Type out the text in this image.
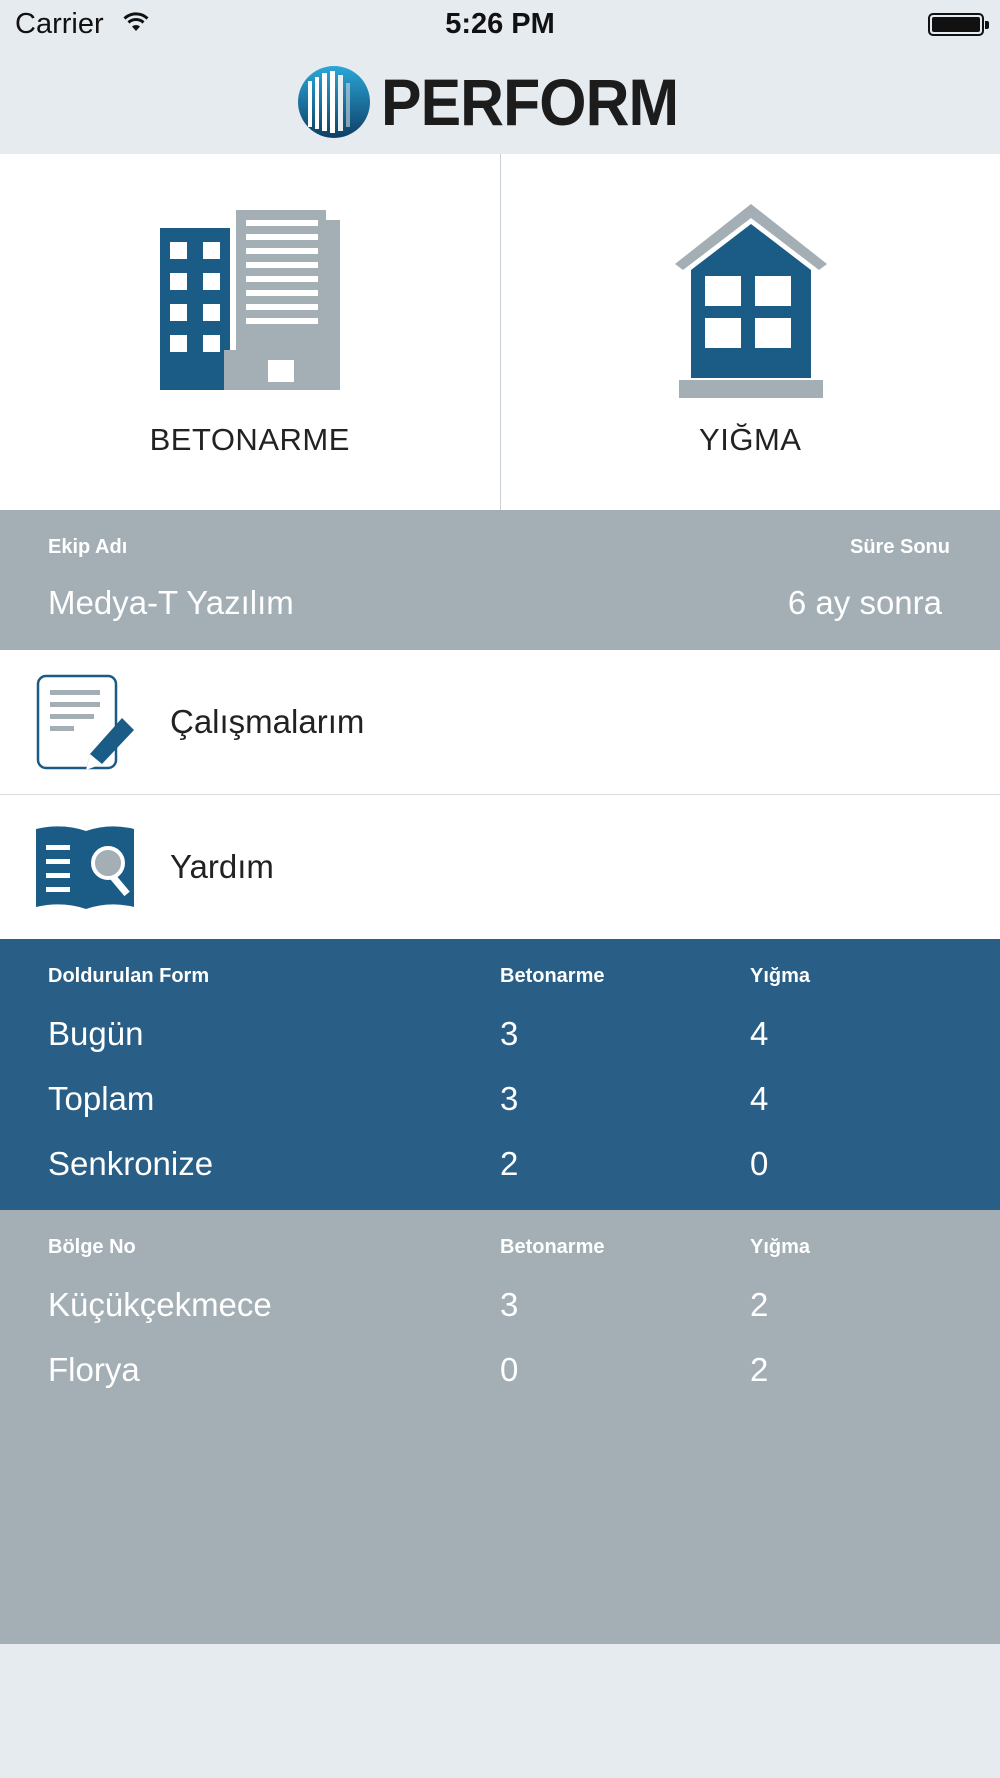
Carrier	5:26 PM
PERFORM
BETONARME	YIĞMA
Ekip Adı
Medya-T Yazılım
Süre Sonu
6 ay sonra
Çalışmalarım
Yardım
Doldurulan Form	Betonarme	Yığma
Bugün	3	4
Toplam	3	4
Senkronize	2	0
Bölge No	Betonarme	Yığma
Küçükçekmece	3	2
Florya	0	2
